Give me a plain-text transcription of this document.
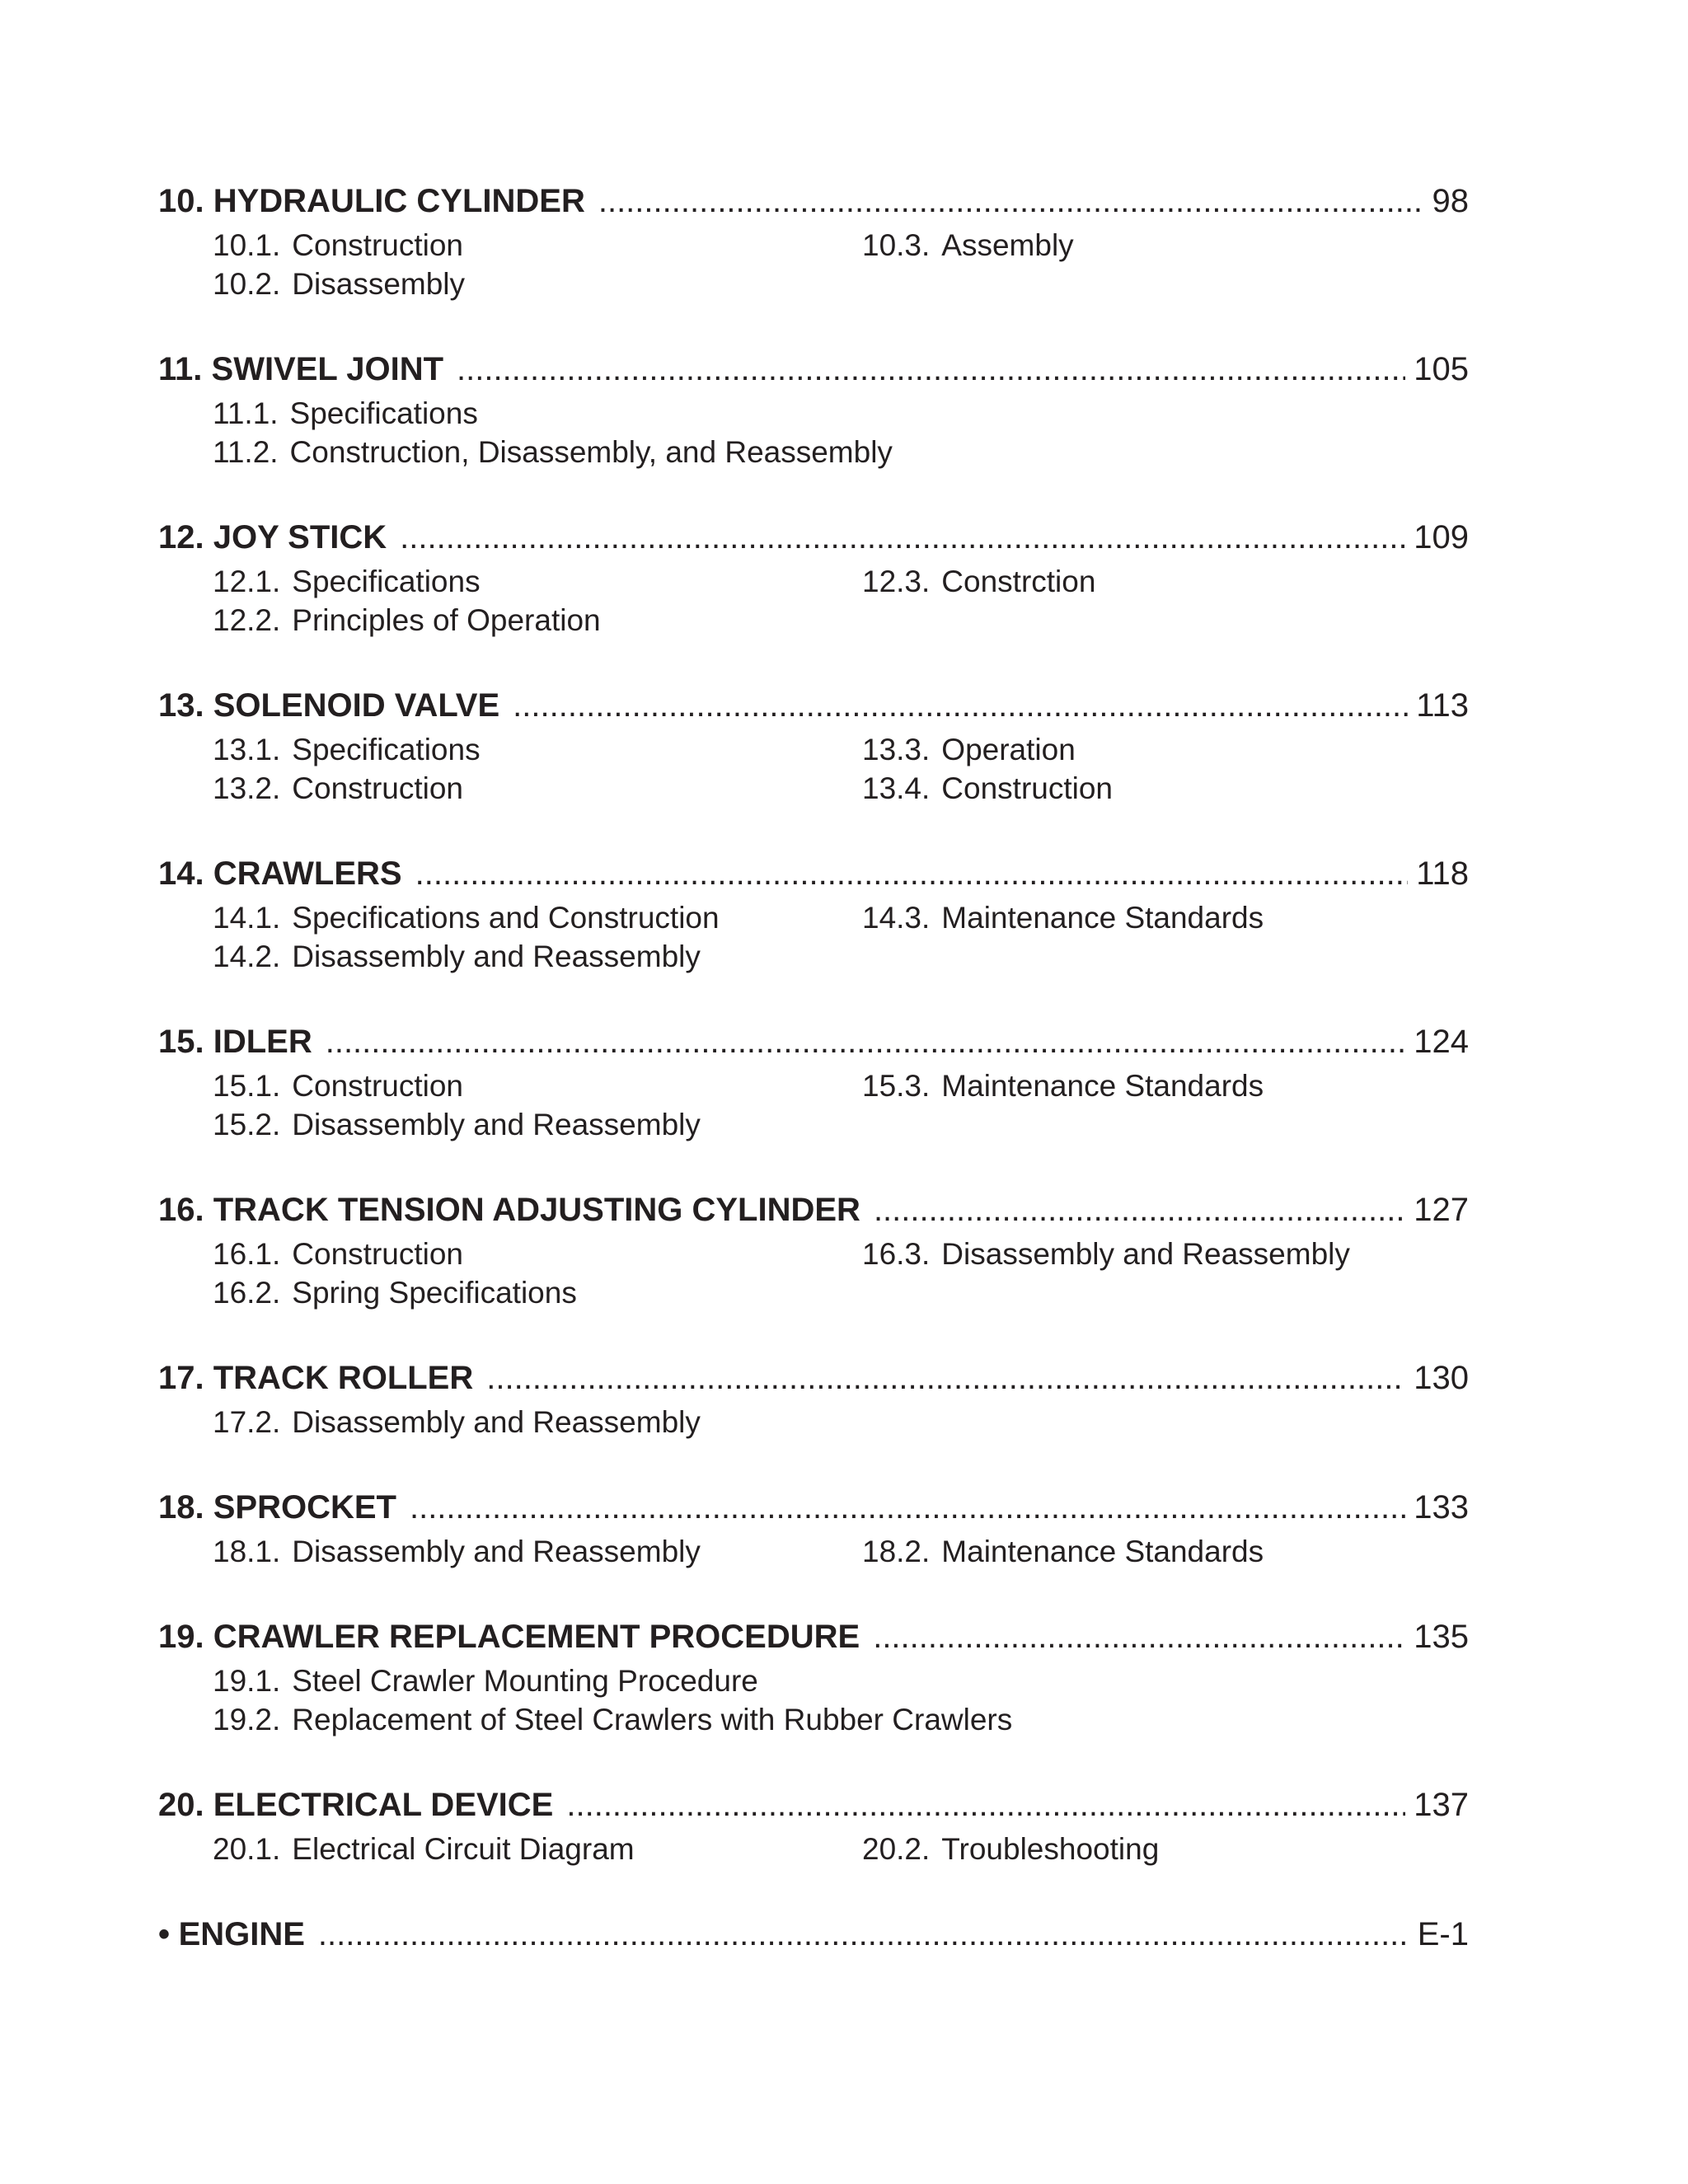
10. HYDRAULIC CYLINDER .....	98
10.1. Construction	10.3. Assembly
10.2. Disassembly
11. SWIVEL JOINT .....	105
11.1. Specifications
11.2. Construction, Disassembly, and Reassembly
12. JOY STICK .....	109
12.1. Specifications	12.3. Constrction
12.2. Principles of Operation
13. SOLENOID VALVE .....	113
13.1. Specifications	13.3. Operation
13.2. Construction	13.4. Construction
14. CRAWLERS .....	118
14.1. Specifications and Construction	14.3. Maintenance Standards
14.2. Disassembly and Reassembly
15. IDLER .....	124
15.1. Construction	15.3. Maintenance Standards
15.2. Disassembly and Reassembly
16. TRACK TENSION ADJUSTING CYLINDER .....	127
16.1. Construction	16.3. Disassembly and Reassembly
16.2. Spring Specifications
17. TRACK ROLLER .....	130
17.2. Disassembly and Reassembly
18. SPROCKET .....	133
18.1. Disassembly and Reassembly	18.2. Maintenance Standards
19. CRAWLER REPLACEMENT PROCEDURE .....	135
19.1. Steel Crawler Mounting Procedure
19.2. Replacement of Steel Crawlers with Rubber Crawlers
20. ELECTRICAL DEVICE .....	137
20.1. Electrical Circuit Diagram	20.2. Troubleshooting
• ENGINE .....	E-1
